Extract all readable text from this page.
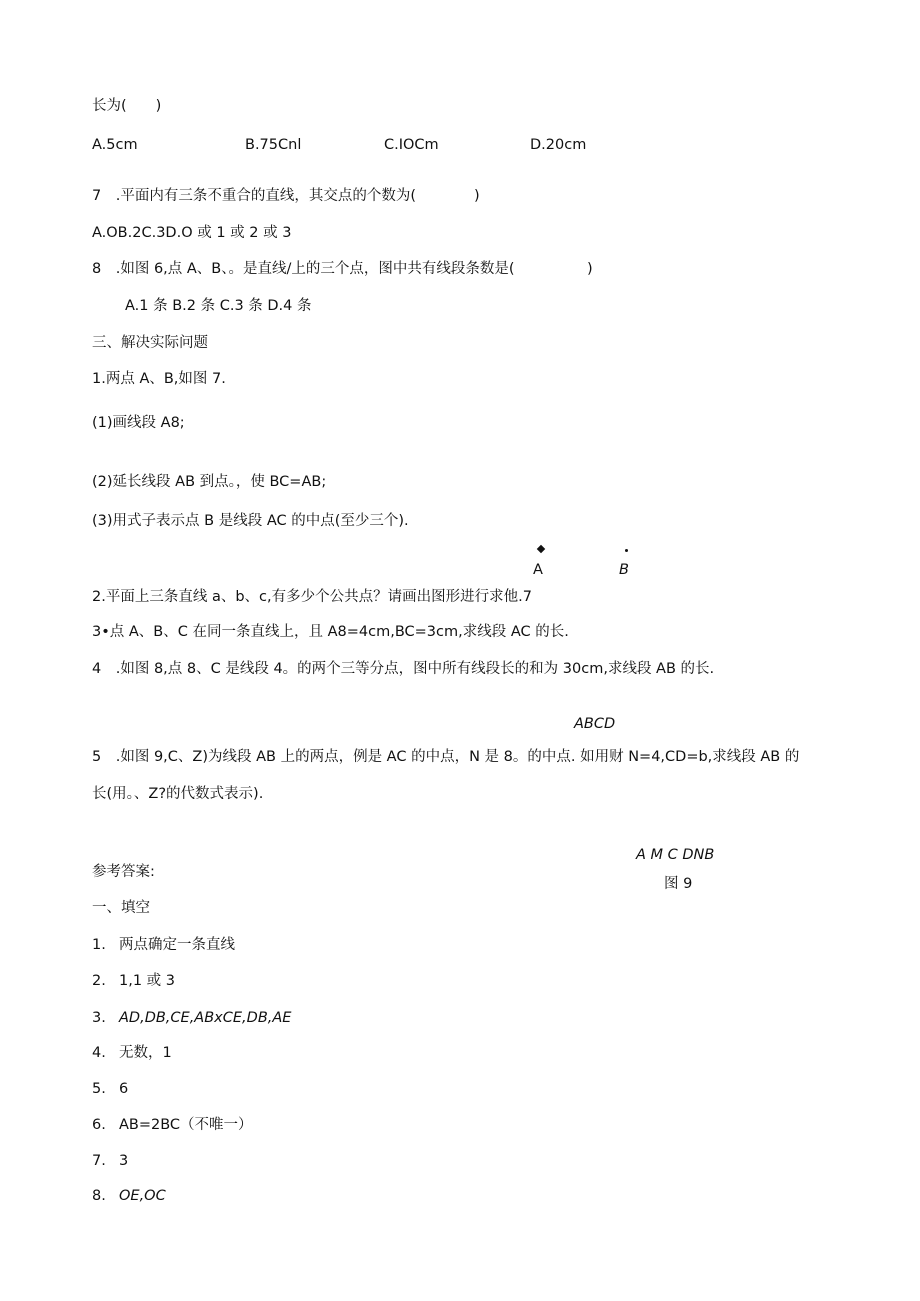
长为(　　)
A.5cm	B.75Cnl	C.IOCm	D.20cm
7　.平面内有三条不重合的直线，其交点的个数为(　　　　)
A.OB.2C.3D.O 或 1 或 2 或 3
8　.如图 6,点 A、B、。是直线/上的三个点，图中共有线段条数是(　　　　　)
A.1 条 B.2 条 C.3 条 D.4 条
三、解决实际问题
1.两点 A、B,如图 7.
(1)画线段 A8;
(2)延长线段 AB 到点。，使 BC=AB;
(3)用式子表示点 B 是线段 AC 的中点(至少三个).
A	B
2.平面上三条直线 a、b、c,有多少个公共点？请画出图形进行求他.7
3•点 A、B、C 在同一条直线上，且 A8=4cm,BC=3cm,求线段 AC 的长.
4　.如图 8,点 8、C 是线段 4。的两个三等分点，图中所有线段长的和为 30cm,求线段 AB 的长.
ABCD
5　.如图 9,C、Z)为线段 AB 上的两点，例是 AC 的中点，N 是 8。的中点. 如用财 N=4,CD=b,求线段 AB 的
长(用。、Z?的代数式表示).
A M C DNB
图 9
参考答案:
一、填空
1. 两点确定一条直线
2. 1,1 或 3
3. AD,DB,CE,ABxCE,DB,AE
4. 无数，1
5. 6
6. AB=2BC（不唯一）
7. 3
8. OE,OC
